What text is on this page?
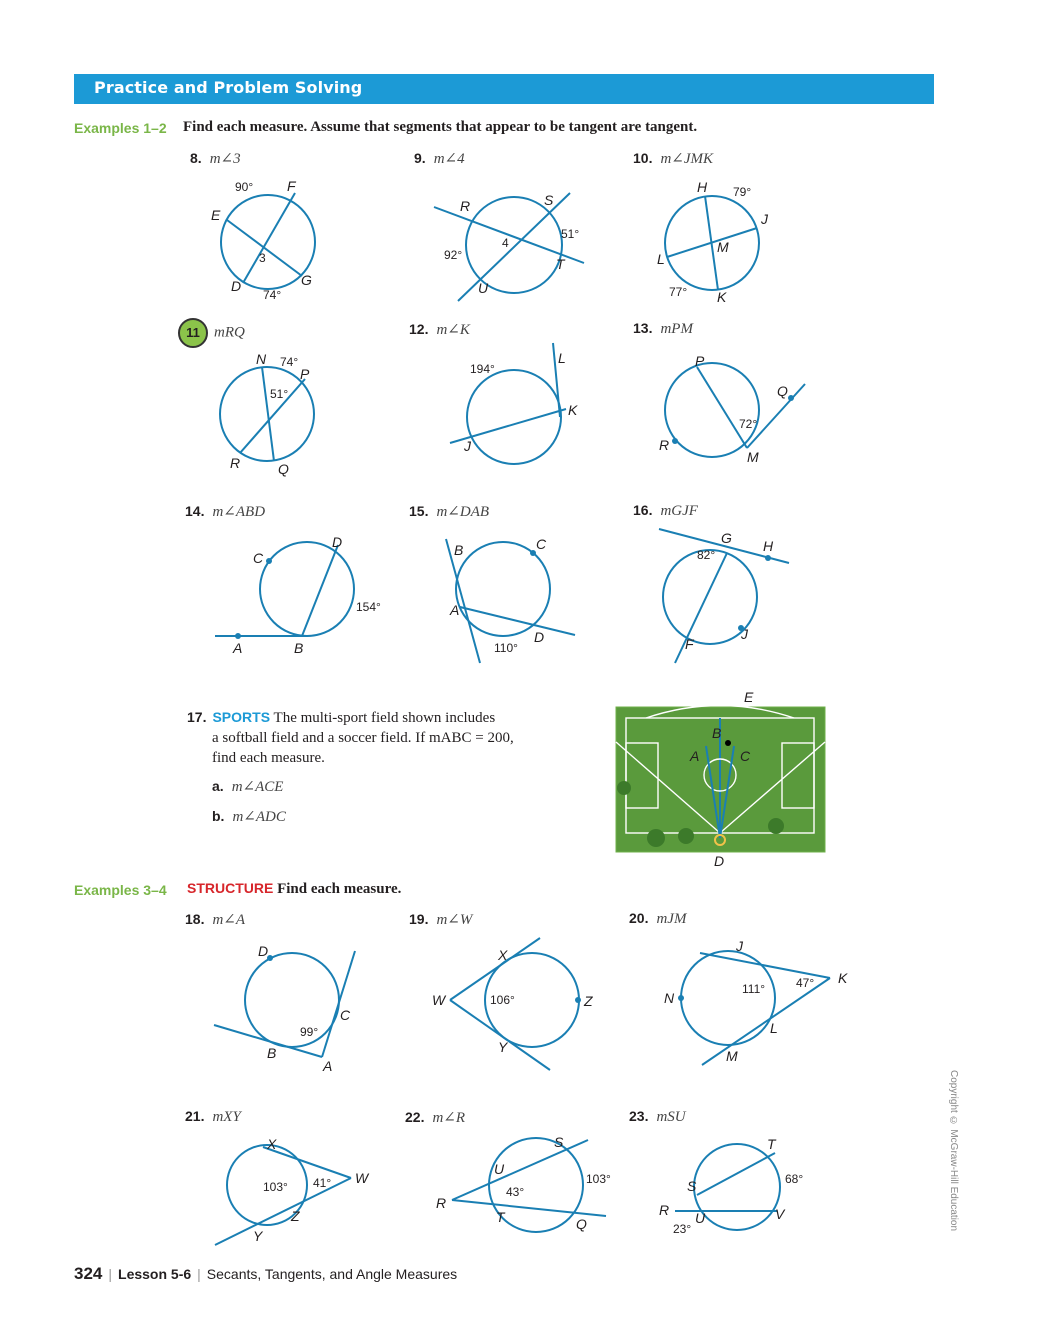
Practice and Problem Solving
Examples 1–2 Find each measure. Assume that segments that appear to be tangent are tangent.
8. m∠3	9. m∠4	10. m∠JMK
90° F
E
3
D
74°
G
R	S
51°
4
92°
T
U
H 79°
J
M
L
77° K
11 mRQ	12. m∠K	13. mPM
N 74°
P
51°
R	Q
194°
L
K
J
P
Q
72°
R
M
14. m∠ABD	15. m∠DAB	16. mGJF
C
D
154°
A	B
B	C
A
D
110°
G H
82°
J
F
17. SPORTS The multi-sport field shown includes
a softball field and a soccer field. If mABC = 200,
find each measure.
a. m∠ACE
b. m∠ADC
E
B
A	C
D
Examples 3–4 STRUCTURE Find each measure.
18. m∠A	19. m∠W	20. mJM
D
C
99°
B
A
X
W	106°	Z
Y
J
K
47°
111°
N
L
M
21. mXY	22. m∠R	23. mSU
X
103° 41° W
Z
Y
S
U
103°
43°
R
T	Q
T
S	68°
R U	V
23°
324 | Lesson 5-6 | Secants, Tangents, and Angle Measures
Copyright © McGraw-Hill Education
